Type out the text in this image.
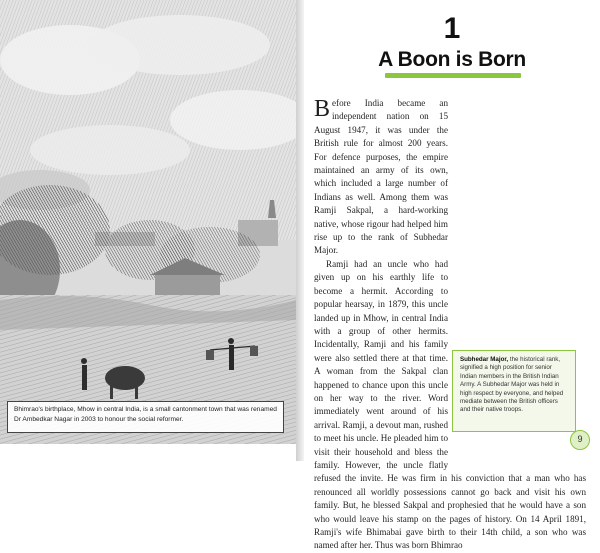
Bhimrao's birthplace, Mhow in central India, is a small cantonment town that was renamed Dr Ambedkar Nagar in 2003 to honour the social reformer.
1
A Boon is Born

Before India became an independent nation on 15 August 1947, it was under the British rule for almost 200 years. For defence purposes, the empire maintained an army of its own, which included a large number of Indians as well. Among them was Ramji Sakpal, a hard-working native, whose rigour had helped him rise up to the rank of Subhedar Major.

Ramji had an uncle who had given up on his earthly life to become a hermit. According to popular hearsay, in 1879, this uncle landed up in Mhow, in central India with a group of other hermits. Incidentally, Ramji and his family were also settled there at that time. A woman from the Sakpal clan happened to chance upon this uncle on her way to the river. Word immediately went around of his arrival. Ramji, a devout man, rushed to meet his uncle. He pleaded him to visit their household and bless the family. However, the uncle flatly refused the invite. He was firm in his conviction that a man who has renounced all worldly possessions cannot go back and visit his own family. But, he blessed Sakpal and prophesied that he would have a son who would leave his stamp on the pages of history. On 14 April 1891, Ramji's wife Bhimabai gave birth to their 14th child, a son who was named after her. Thus was born Bhimrao

Subhedar Major, the historical rank, signified a high position for senior Indian members in the British Indian Army. A Subhedar Major was held in high respect by everyone, and helped mediate between the British officers and their native troops.
9
